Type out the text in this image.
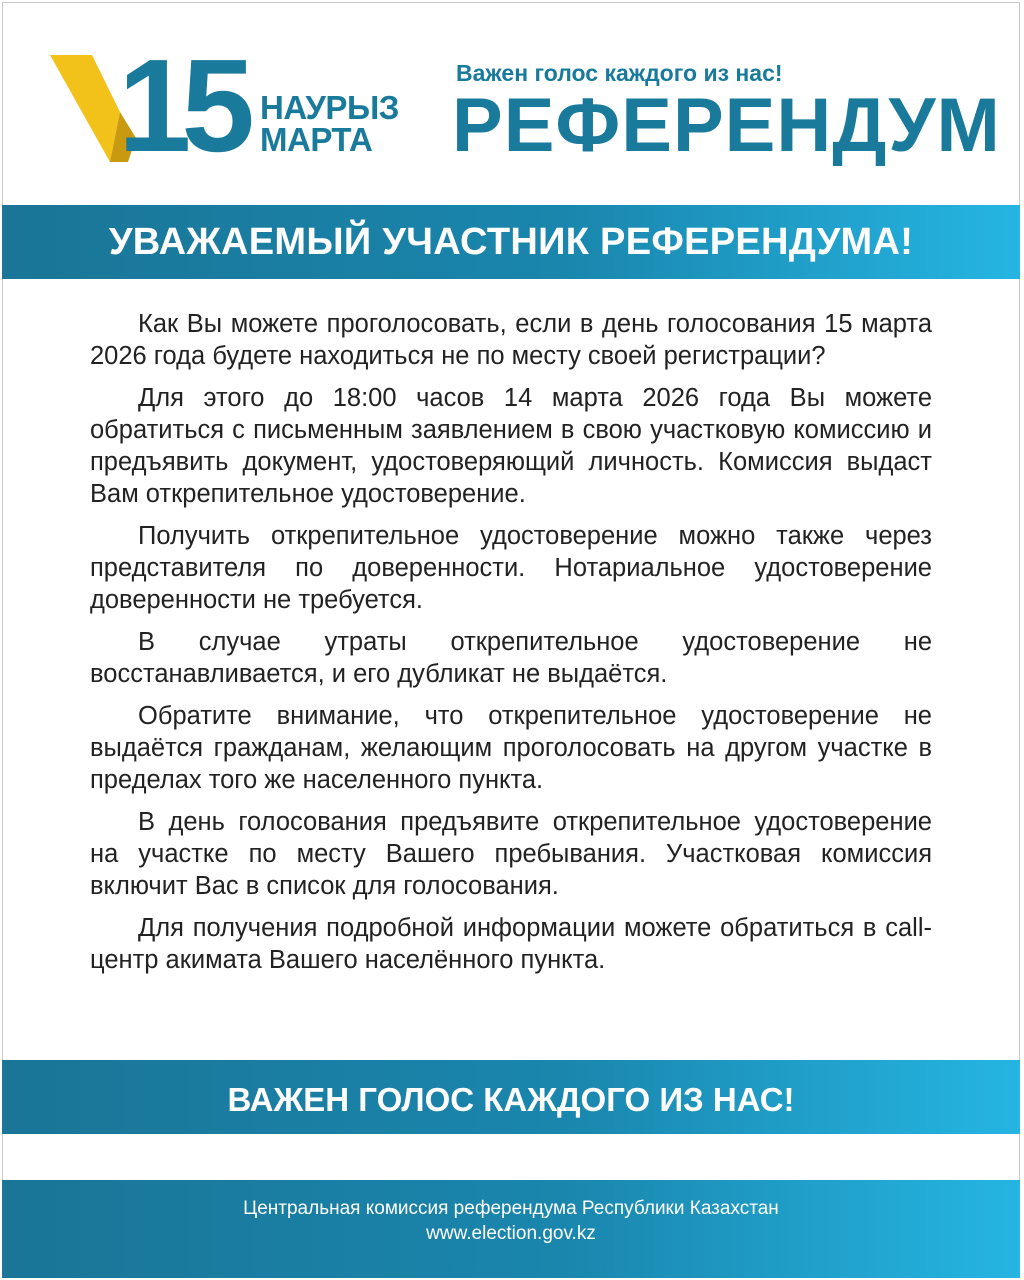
15 НАУРЫЗ
МАРТА
Важен голос каждого из нас!
РЕФЕРЕНДУМ
УВАЖАЕМЫЙ УЧАСТНИК РЕФЕРЕНДУМА!

Как Вы можете проголосовать, если в день голосования 15 марта 2026 года будете находиться не по месту своей регистрации?

Для этого до 18:00 часов 14 марта 2026 года Вы можете обратиться с письменным заявлением в свою участковую комиссию и предъявить документ, удостоверяющий личность. Комиссия выдаст Вам открепительное удостоверение.

Получить открепительное удостоверение можно также через представителя по доверенности. Нотариальное удостоверение доверенности не требуется.

В случае утраты открепительное удостоверение не восстанавливается, и его дубликат не выдаётся.

Обратите внимание, что открепительное удостоверение не выдаётся гражданам, желающим проголосовать на другом участке в пределах того же населенного пункта.

В день голосования предъявите открепительное удостоверение на участке по месту Вашего пребывания. Участковая комиссия включит Вас в список для голосования.

Для получения подробной информации можете обратиться в call-центр акимата Вашего населённого пункта.

ВАЖЕН ГОЛОС КАЖДОГО ИЗ НАС!
Центральная комиссия референдума Республики Казахстан
www.election.gov.kz
